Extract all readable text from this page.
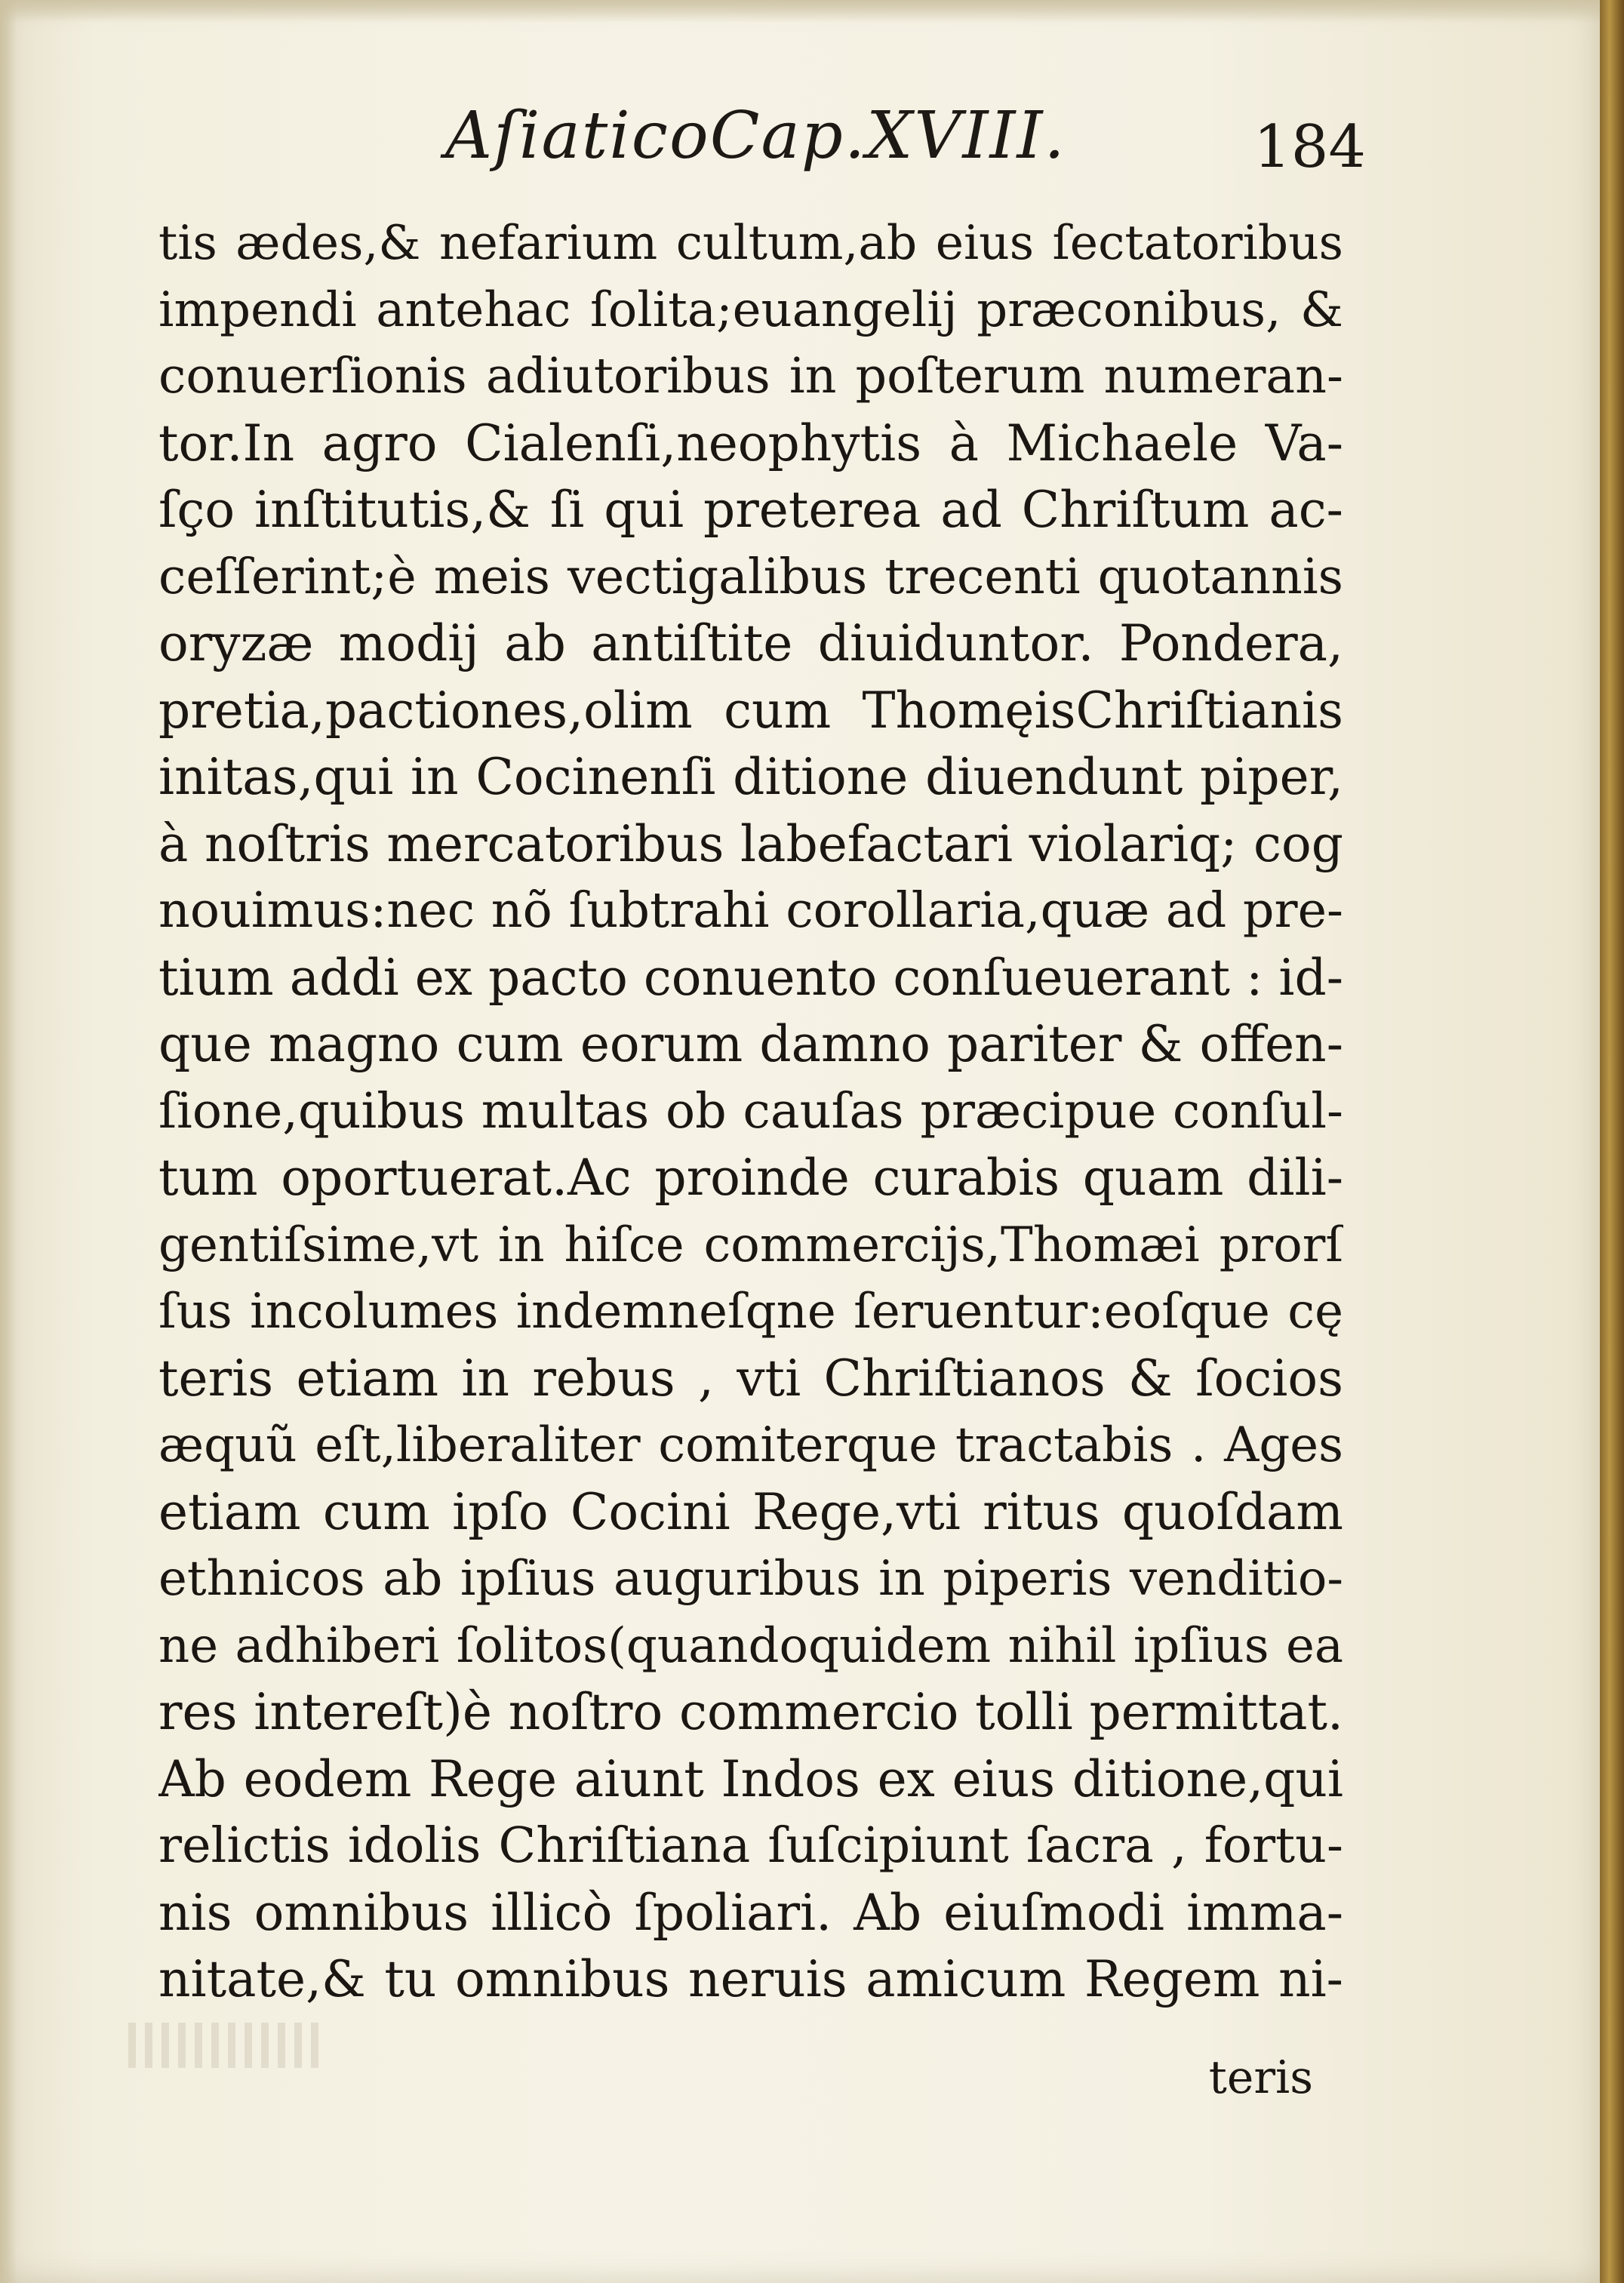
AſiaticoCap.XVIII.	184
tis ædes,& nefarium cultum,ab eius ſectatoribus
impendi antehac ſolita;euangelij præconibus, &
conuerſionis adiutoribus in poſterum numeran-
tor.In agro Cialenſi,neophytis à Michaele Va-
ſço inſtitutis,& ſi qui preterea ad Chriſtum ac-
ceſſerint;è meis vectigalibus trecenti quotannis
oryzæ modij ab antiſtite diuiduntor. Pondera,
pretia,pactiones,olim cum ThomęisChriſtianis
initas,qui in Cocinenſi ditione diuendunt piper,
à noſtris mercatoribus labefactari violariq; cog
nouimus:nec nõ ſubtrahi corollaria,quæ ad pre-
tium addi ex pacto conuento conſueuerant : id-
que magno cum eorum damno pariter & offen-
ſione,quibus multas ob cauſas præcipue conſul-
tum oportuerat.Ac proinde curabis quam dili-
gentiſsime,vt in hiſce commercijs,Thomæi prorſ
ſus incolumes indemneſqne ſeruentur:eoſque cę
teris etiam in rebus , vti Chriſtianos & ſocios
æquũ eſt,liberaliter comiterque tractabis . Ages
etiam cum ipſo Cocini Rege,vti ritus quoſdam
ethnicos ab ipſius auguribus in piperis venditio-
ne adhiberi ſolitos(quandoquidem nihil ipſius ea
res intereſt)è noſtro commercio tolli permittat.
Ab eodem Rege aiunt Indos ex eius ditione,qui
relictis idolis Chriſtiana ſuſcipiunt ſacra , fortu-
nis omnibus illicò ſpoliari. Ab eiuſmodi imma-
nitate,& tu omnibus neruis amicum Regem ni-
teris
